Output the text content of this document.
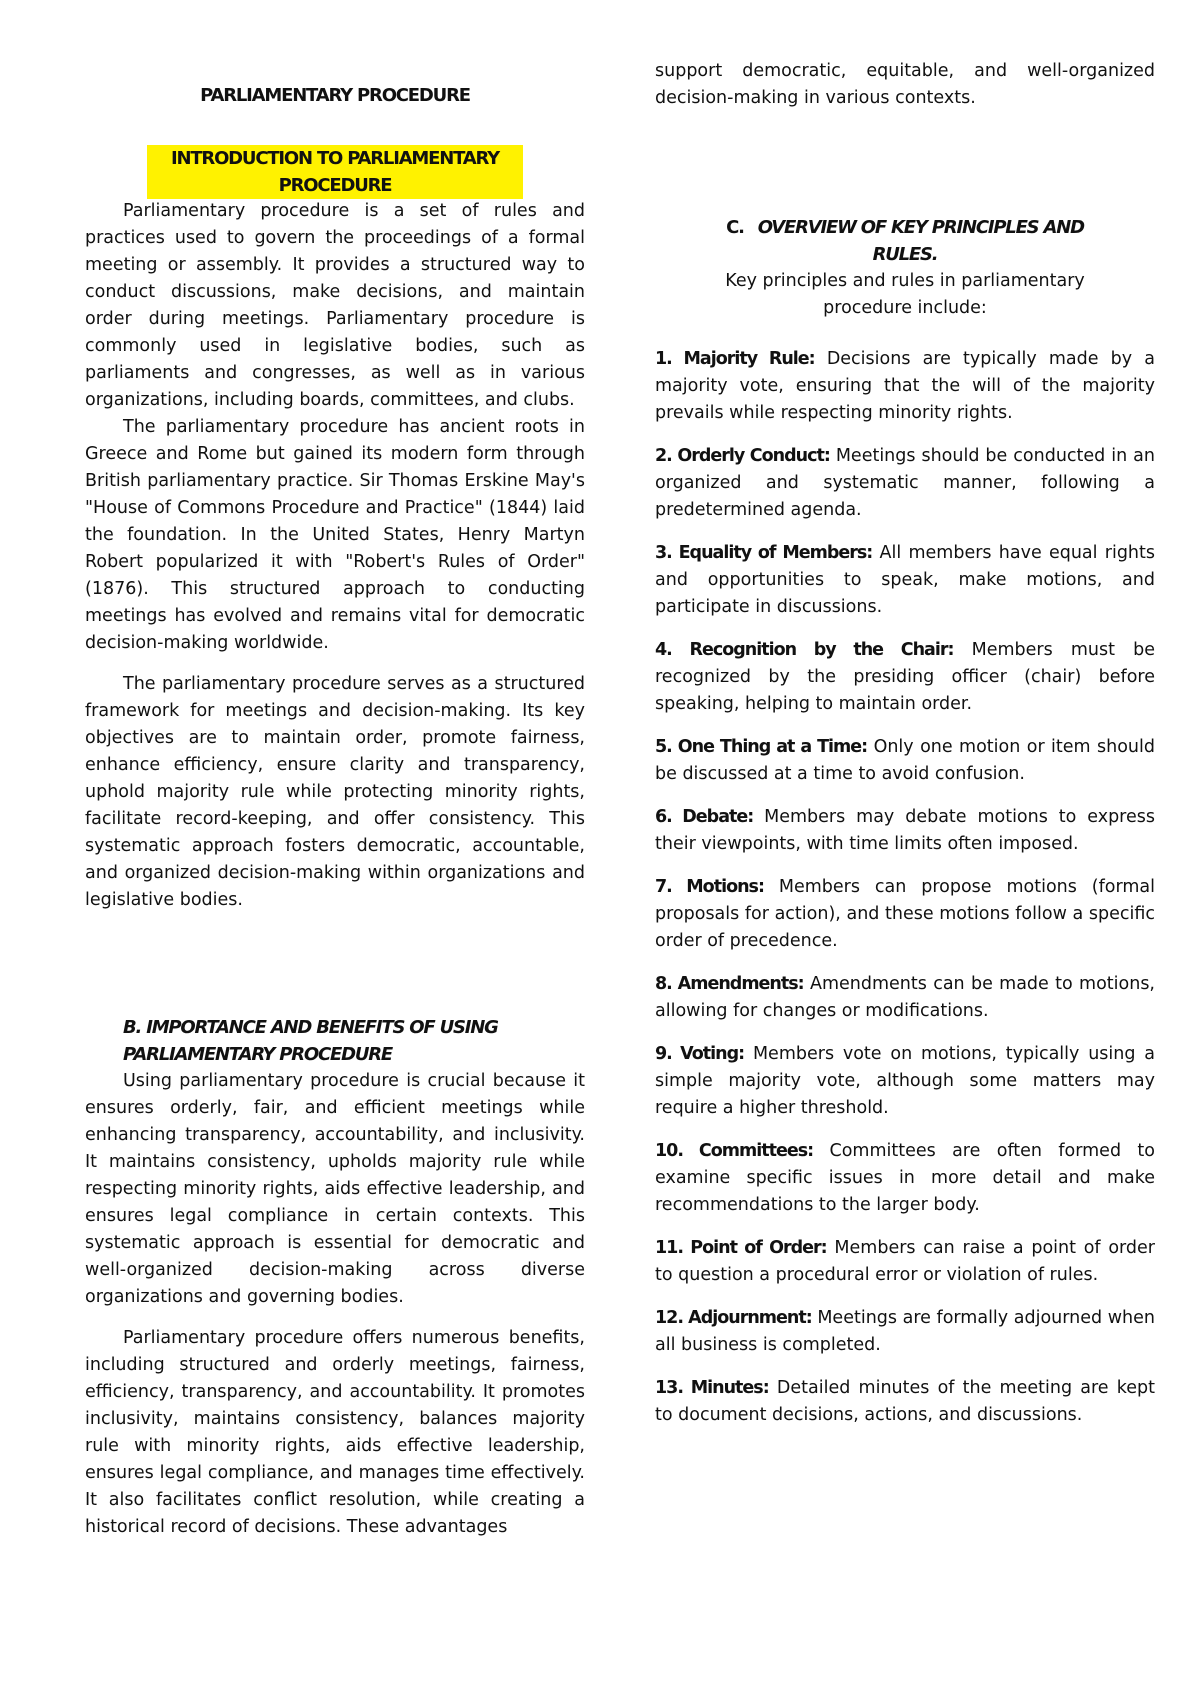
PARLIAMENTARY PROCEDURE
INTRODUCTION TO PARLIAMENTARY PROCEDURE

Parliamentary procedure is a set of rules and practices used to govern the proceedings of a formal meeting or assembly. It provides a structured way to conduct discussions, make decisions, and maintain order during meetings. Parliamentary procedure is commonly used in legislative bodies, such as parliaments and congresses, as well as in various organizations, including boards, committees, and clubs.

The parliamentary procedure has ancient roots in Greece and Rome but gained its modern form through British parliamentary practice. Sir Thomas Erskine May's "House of Commons Procedure and Practice" (1844) laid the foundation. In the United States, Henry Martyn Robert popularized it with "Robert's Rules of Order" (1876). This structured approach to conducting meetings has evolved and remains vital for democratic decision-making worldwide.

The parliamentary procedure serves as a structured framework for meetings and decision-making. Its key objectives are to maintain order, promote fairness, enhance efficiency, ensure clarity and transparency, uphold majority rule while protecting minority rights, facilitate record-keeping, and offer consistency. This systematic approach fosters democratic, accountable, and organized decision-making within organizations and legislative bodies.

B. IMPORTANCE AND BENEFITS OF USING PARLIAMENTARY PROCEDURE

Using parliamentary procedure is crucial because it ensures orderly, fair, and efficient meetings while enhancing transparency, accountability, and inclusivity. It maintains consistency, upholds majority rule while respecting minority rights, aids effective leadership, and ensures legal compliance in certain contexts. This systematic approach is essential for democratic and well-organized decision-making across diverse organizations and governing bodies.

Parliamentary procedure offers numerous benefits, including structured and orderly meetings, fairness, efficiency, transparency, and accountability. It promotes inclusivity, maintains consistency, balances majority rule with minority rights, aids effective leadership, ensures legal compliance, and manages time effectively. It also facilitates conflict resolution, while creating a historical record of decisions. These advantages

support democratic, equitable, and well-organized decision-making in various contexts.

C. OVERVIEW OF KEY PRINCIPLES AND RULES.

Key principles and rules in parliamentary procedure include:

1. Majority Rule: Decisions are typically made by a majority vote, ensuring that the will of the majority prevails while respecting minority rights.

2. Orderly Conduct: Meetings should be conducted in an organized and systematic manner, following a predetermined agenda.

3. Equality of Members: All members have equal rights and opportunities to speak, make motions, and participate in discussions.

4. Recognition by the Chair: Members must be recognized by the presiding officer (chair) before speaking, helping to maintain order.

5. One Thing at a Time: Only one motion or item should be discussed at a time to avoid confusion.

6. Debate: Members may debate motions to express their viewpoints, with time limits often imposed.

7. Motions: Members can propose motions (formal proposals for action), and these motions follow a specific order of precedence.

8. Amendments: Amendments can be made to motions, allowing for changes or modifications.

9. Voting: Members vote on motions, typically using a simple majority vote, although some matters may require a higher threshold.

10. Committees: Committees are often formed to examine specific issues in more detail and make recommendations to the larger body.

11. Point of Order: Members can raise a point of order to question a procedural error or violation of rules.

12. Adjournment: Meetings are formally adjourned when all business is completed.

13. Minutes: Detailed minutes of the meeting are kept to document decisions, actions, and discussions.
